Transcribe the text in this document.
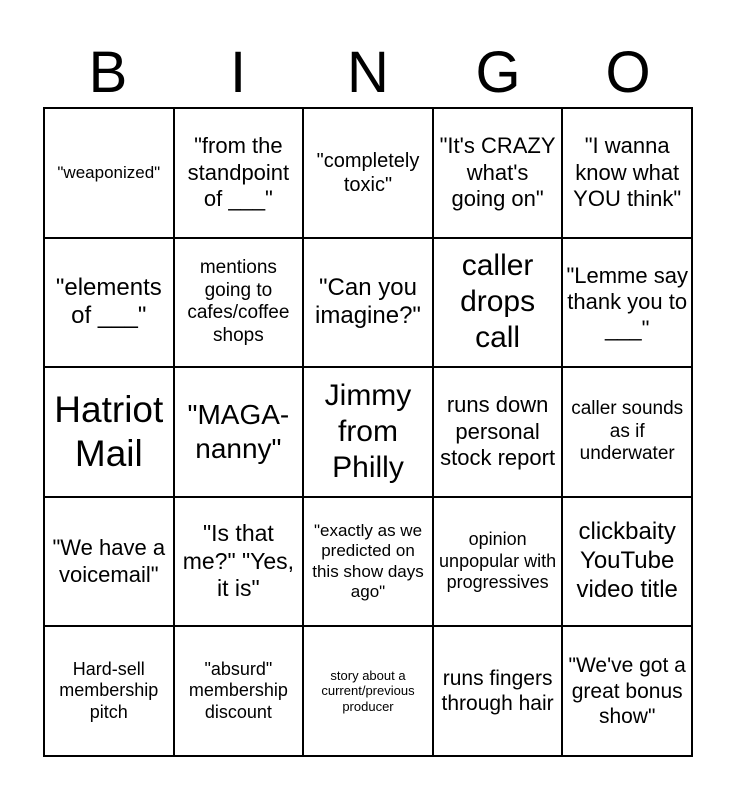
B	I	N	G	O
"weaponized"
"from the standpoint of ___"
"completely toxic"
"It's CRAZY what's going on"
"I wanna know what YOU think"
"elements of ___"
mentions going to cafes/coffee shops
"Can you imagine?"
caller drops call
"Lemme say thank you to ___"
Hatriot Mail
"MAGA-nanny"
Jimmy from Philly
runs down personal stock report
caller sounds as if underwater
"We have a voicemail"
"Is that me?" "Yes, it is"
"exactly as we predicted on this show days ago"
opinion unpopular with progressives
clickbaity YouTube video title
Hard-sell membership pitch
"absurd" membership discount
story about a current/previous producer
runs fingers through hair
"We've got a great bonus show"
